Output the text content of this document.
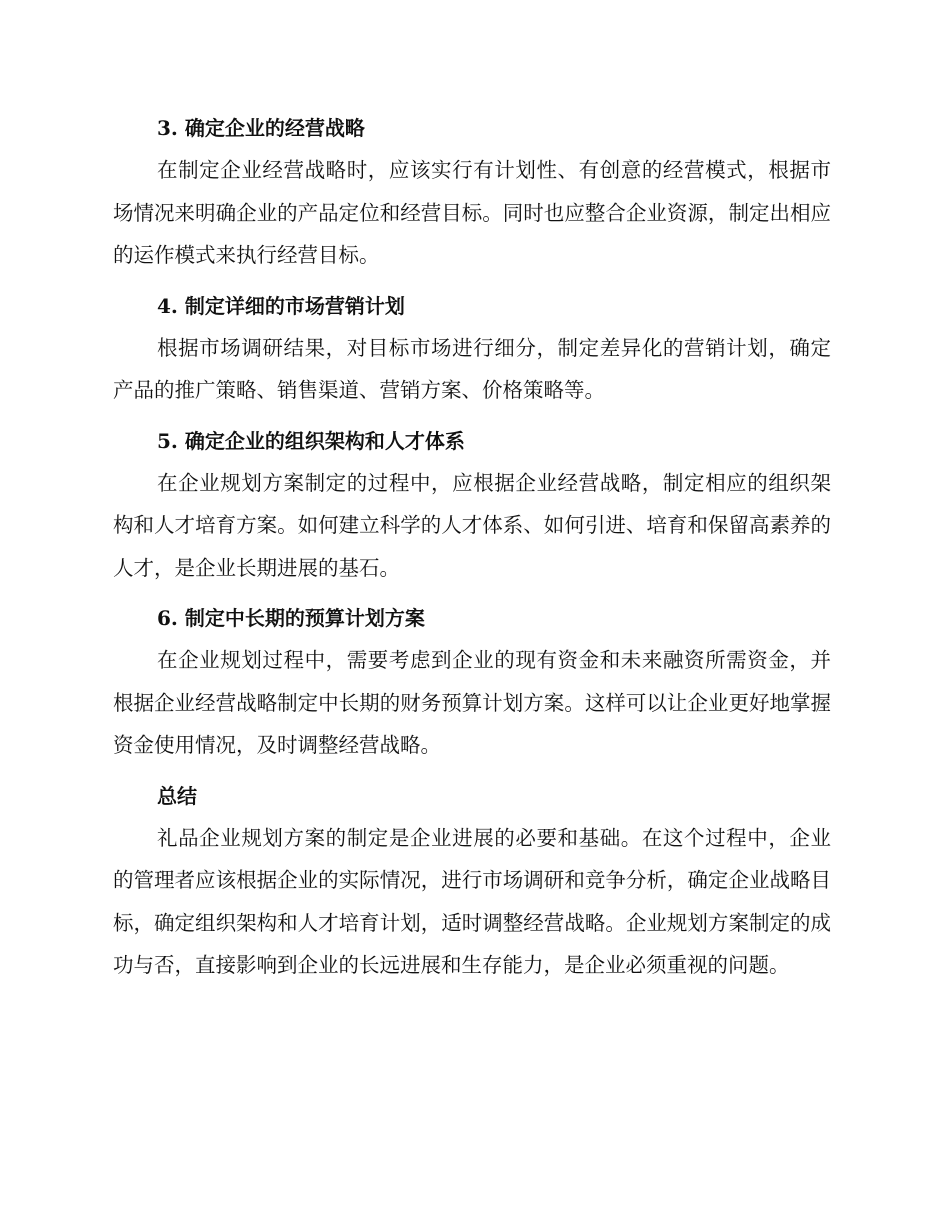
3. 确定企业的经营战略

在制定企业经营战略时，应该实行有计划性、有创意的经营模式，根据市场情况来明确企业的产品定位和经营目标。同时也应整合企业资源，制定出相应的运作模式来执行经营目标。

4. 制定详细的市场营销计划

根据市场调研结果，对目标市场进行细分，制定差异化的营销计划，确定产品的推广策略、销售渠道、营销方案、价格策略等。

5. 确定企业的组织架构和人才体系

在企业规划方案制定的过程中，应根据企业经营战略，制定相应的组织架构和人才培育方案。如何建立科学的人才体系、如何引进、培育和保留高素养的人才，是企业长期进展的基石。

6. 制定中长期的预算计划方案

在企业规划过程中，需要考虑到企业的现有资金和未来融资所需资金，并根据企业经营战略制定中长期的财务预算计划方案。这样可以让企业更好地掌握资金使用情况，及时调整经营战略。

总结

礼品企业规划方案的制定是企业进展的必要和基础。在这个过程中，企业的管理者应该根据企业的实际情况，进行市场调研和竞争分析，确定企业战略目标，确定组织架构和人才培育计划，适时调整经营战略。企业规划方案制定的成功与否，直接影响到企业的长远进展和生存能力，是企业必须重视的问题。
